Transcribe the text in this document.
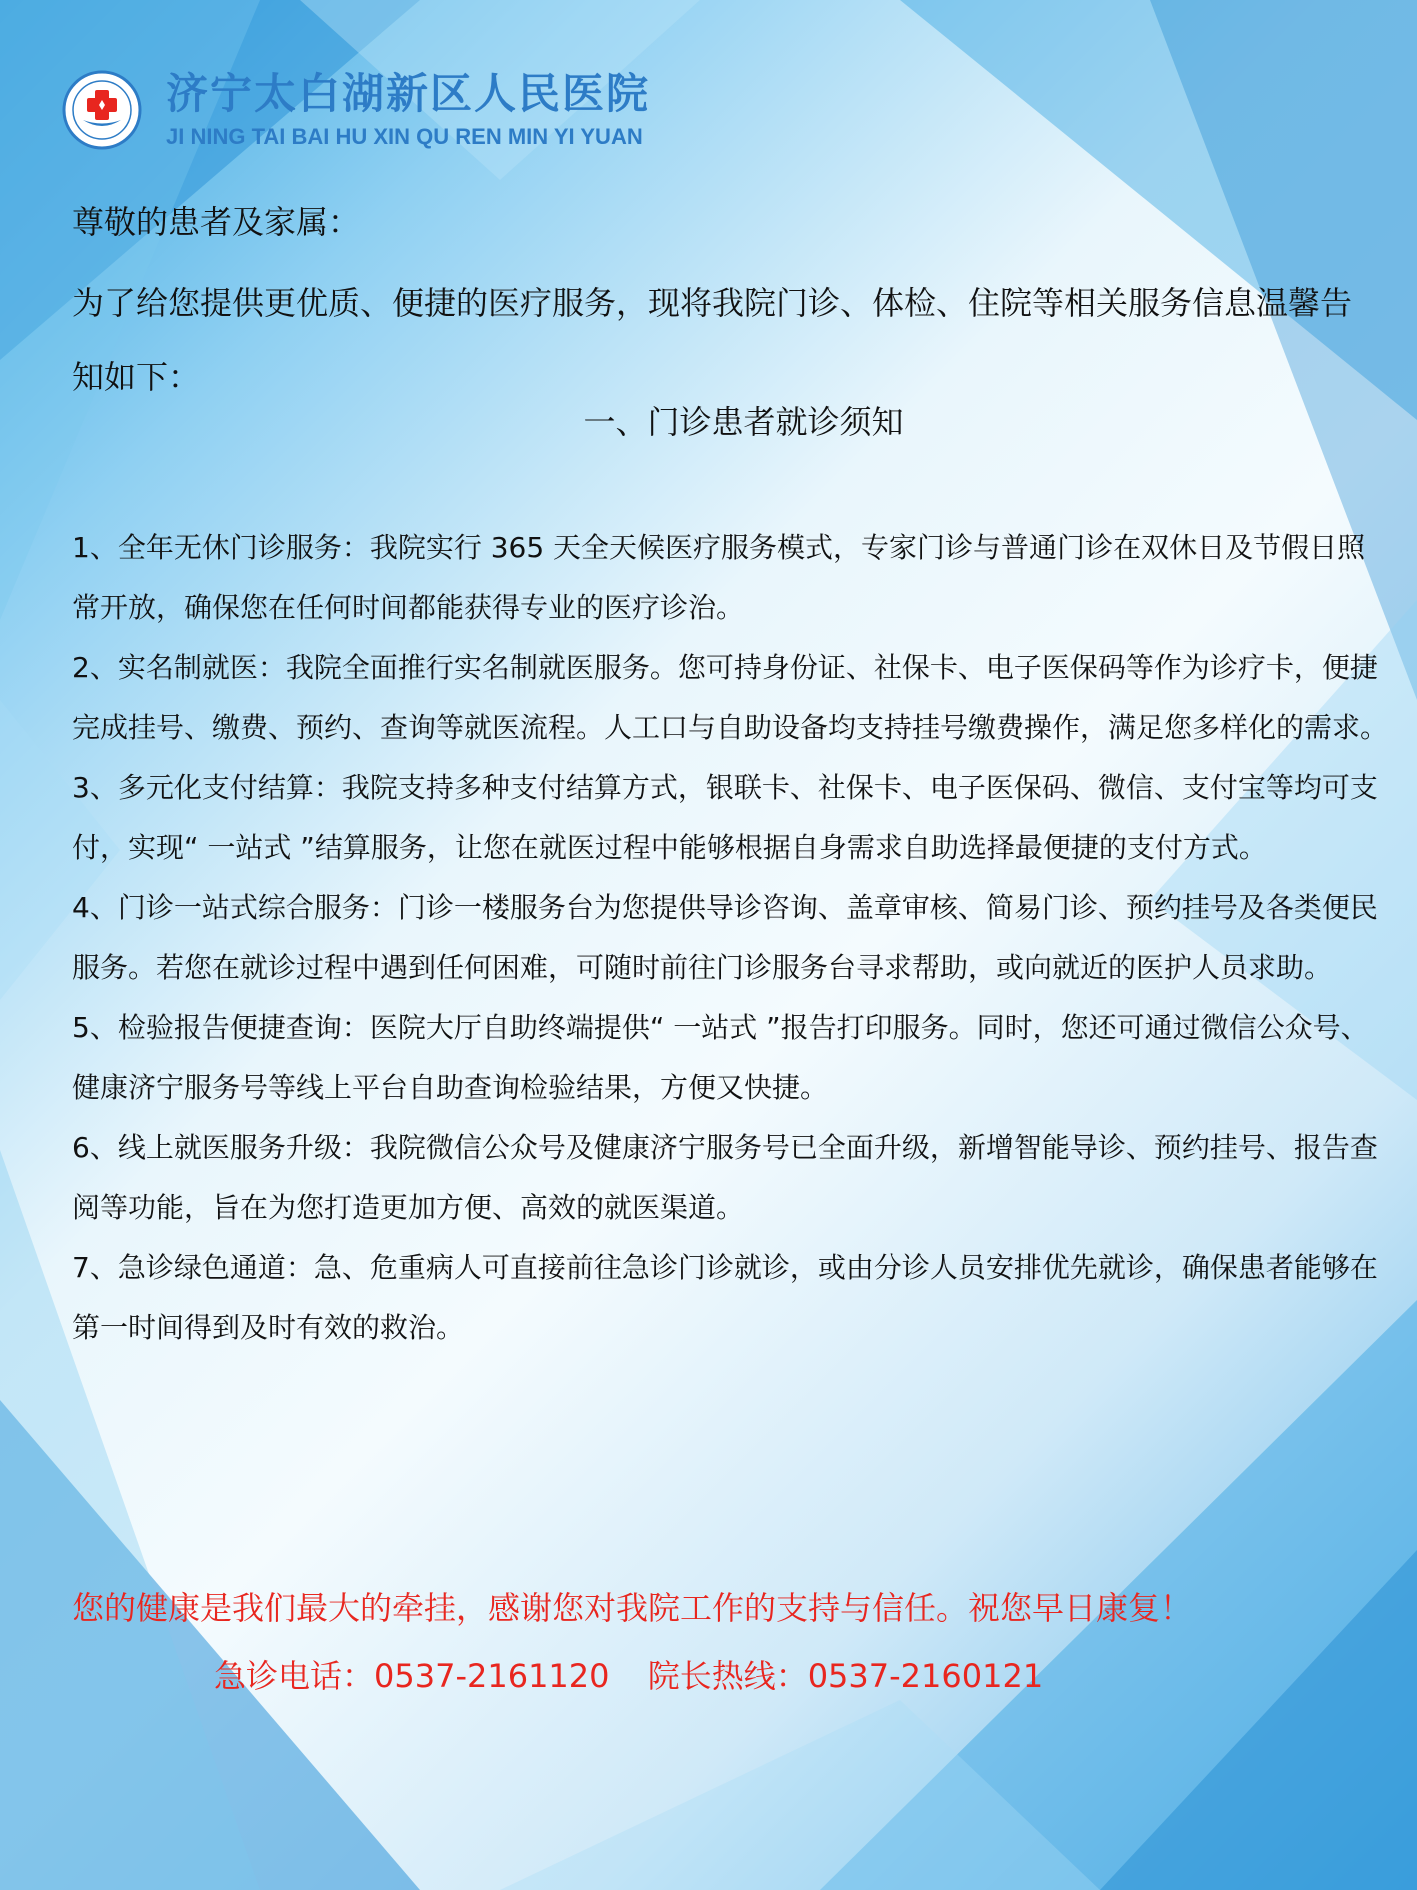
济宁太白湖新区人民医院
JI NING TAI BAI HU XIN QU REN MIN YI YUAN
尊敬的患者及家属：
为了给您提供更优质、便捷的医疗服务，现将我院门诊、体检、住院等相关服务信息温馨告知如下：
一、门诊患者就诊须知
1、全年无休门诊服务：我院实行 365 天全天候医疗服务模式，专家门诊与普通门诊在双休日及节假日照常开放，确保您在任何时间都能获得专业的医疗诊治。
2、实名制就医：我院全面推行实名制就医服务。您可持身份证、社保卡、电子医保码等作为诊疗卡，便捷完成挂号、缴费、预约、查询等就医流程。人工口与自助设备均支持挂号缴费操作，满足您多样化的需求。
3、多元化支付结算：我院支持多种支付结算方式，银联卡、社保卡、电子医保码、微信、支付宝等均可支付，实现“ 一站式 ”结算服务，让您在就医过程中能够根据自身需求自助选择最便捷的支付方式。
4、门诊一站式综合服务：门诊一楼服务台为您提供导诊咨询、盖章审核、简易门诊、预约挂号及各类便民服务。若您在就诊过程中遇到任何困难，可随时前往门诊服务台寻求帮助，或向就近的医护人员求助。
5、检验报告便捷查询：医院大厅自助终端提供“ 一站式 ”报告打印服务。同时，您还可通过微信公众号、健康济宁服务号等线上平台自助查询检验结果，方便又快捷。
6、线上就医服务升级：我院微信公众号及健康济宁服务号已全面升级，新增智能导诊、预约挂号、报告查阅等功能，旨在为您打造更加方便、高效的就医渠道。
7、急诊绿色通道：急、危重病人可直接前往急诊门诊就诊，或由分诊人员安排优先就诊，确保患者能够在第一时间得到及时有效的救治。
您的健康是我们最大的牵挂，感谢您对我院工作的支持与信任。祝您早日康复！
急诊电话：0537-2161120 院长热线：0537-2160121
